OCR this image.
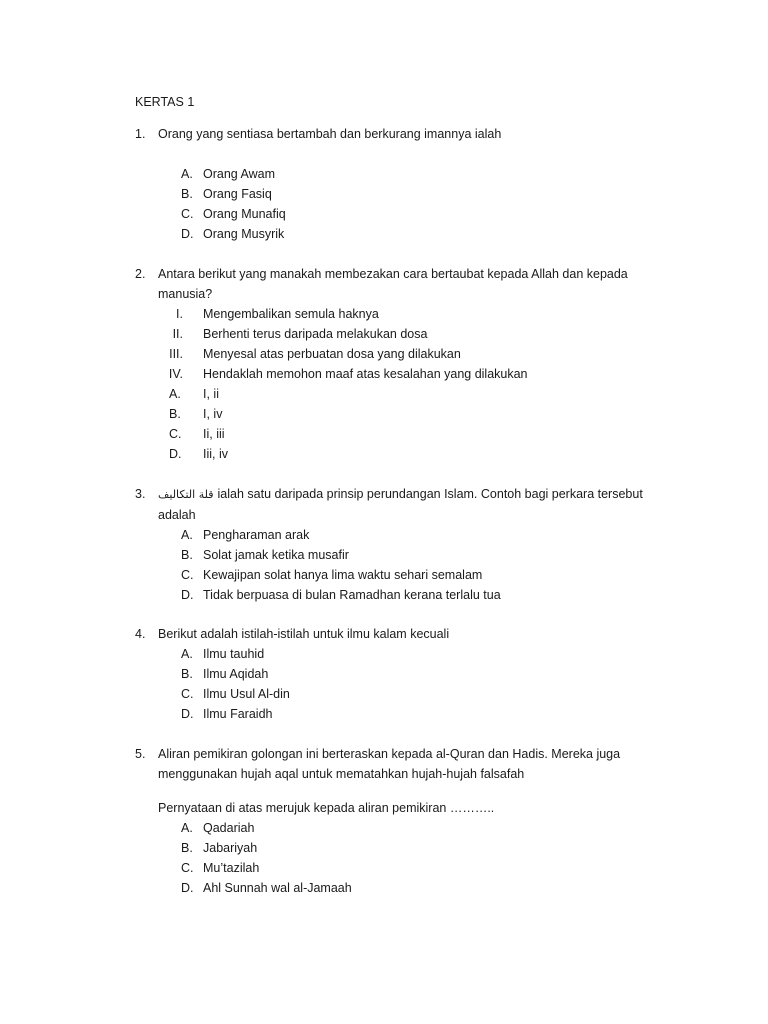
KERTAS 1
1. Orang yang sentiasa bertambah dan berkurang imannya ialah
A. Orang Awam
B. Orang Fasiq
C. Orang Munafiq
D. Orang Musyrik
2. Antara berikut yang manakah membezakan cara bertaubat kepada Allah dan kepada
manusia?
I. Mengembalikan semula haknya
II. Berhenti terus daripada melakukan dosa
III. Menyesal atas perbuatan dosa yang dilakukan
IV. Hendaklah memohon maaf atas kesalahan yang dilakukan
A.	I, ii
B.	I, iv
C.	Ii, iii
D.	Iii, iv
3. قلة التكاليف ialah satu daripada prinsip perundangan Islam. Contoh bagi perkara tersebut
adalah
A. Pengharaman arak
B. Solat jamak ketika musafir
C. Kewajipan solat hanya lima waktu sehari semalam
D. Tidak berpuasa di bulan Ramadhan kerana terlalu tua
4. Berikut adalah istilah-istilah untuk ilmu kalam kecuali
A. Ilmu tauhid
B. Ilmu Aqidah
C. Ilmu Usul Al-din
D. Ilmu Faraidh
5. Aliran pemikiran golongan ini berteraskan kepada al-Quran dan Hadis. Mereka juga
menggunakan hujah aqal untuk mematahkan hujah-hujah falsafah
Pernyataan di atas merujuk kepada aliran pemikiran ………..
A. Qadariah
B. Jabariyah
C. Mu’tazilah
D. Ahl Sunnah wal al-Jamaah
